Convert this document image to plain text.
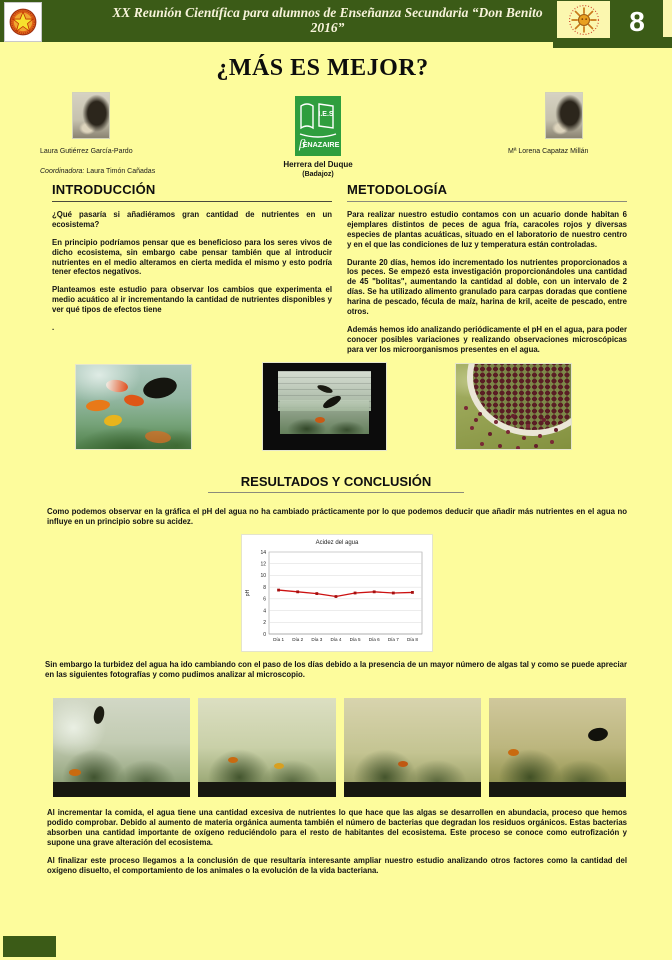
XX Reunión Científica para alumnos de Enseñanza Secundaria “Don Benito 2016”	8
¿MÁS ES MEJOR?
Laura Gutiérrez García-Pardo
Coordinadora: Laura Timón Cañadas
I.E.S
β
ENAZAIRE
Herrera del Duque
(Badajoz)
Mª Lorena Capataz Millán
INTRODUCCIÓN

¿Qué pasaría si añadiéramos gran cantidad de nutrientes en un ecosistema?

En principio podríamos pensar que es beneficioso para los seres vivos de dicho ecosistema, sin embargo cabe pensar también que al introducir nutrientes en el medio alteramos en cierta medida el mismo y esto podría tener efectos negativos.

Planteamos este estudio para observar los cambios que experimenta el medio acuático al ir incrementando la cantidad de nutrientes disponibles y ver qué tipos de efectos tiene

.

METODOLOGÍA

Para realizar nuestro estudio contamos con un acuario donde habitan 6 ejemplares distintos de peces de agua fría, caracoles rojos y diversas especies de plantas acuáticas, situado en el laboratorio de nuestro centro y en el que las condiciones de luz y temperatura están controladas.

Durante 20 días, hemos ido incrementado los nutrientes proporcionados a los peces. Se empezó esta investigación proporcionándoles una cantidad de 45 "bolitas", aumentando la cantidad al doble, con un intervalo de 2 días. Se ha utilizado alimento granulado para carpas doradas que contiene harina de pescado, fécula de maíz, harina de kril, aceite de pescado, entre otros.

Además hemos ido analizando periódicamente el pH en el agua, para poder conocer posibles variaciones y realizando observaciones microscópicas para ver los microorganismos presentes en el agua.

RESULTADOS Y CONCLUSIÓN
Como podemos observar en la gráfica el pH del agua no ha cambiado prácticamente por lo que podemos deducir que añadir más nutrientes en el agua no influye en un principio sobre su acidez.
0
2
4
6
8
10
12
14
Día 1 Día 2 Día 3 Día 4 Día 5 Día 6 Día 7 Día 8
Acidez del agua
pH
Sin embargo la turbidez del agua ha ido cambiando con el paso de los días debido a la presencia de un mayor número de algas tal y como se puede apreciar en las siguientes fotografías y como pudimos analizar al microscopio.
Al incrementar la comida, el agua tiene una cantidad excesiva de nutrientes lo que hace que las algas se desarrollen en abundacia, proceso que hemos podido comprobar. Debido al aumento de materia orgánica aumenta también el número de bacterias que degradan los residuos orgánicos. Estas bacterias absorben una cantidad importante de oxígeno reduciéndolo para el resto de habitantes del ecosistema. Este proceso se conoce como eutrofización y supone una grave alteración del ecosistema.
Al finalizar este proceso llegamos a la conclusión de que resultaría interesante ampliar nuestro estudio analizando otros factores como la cantidad del oxígeno disuelto, el comportamiento de los animales o la evolución de la vida bacteriana.
